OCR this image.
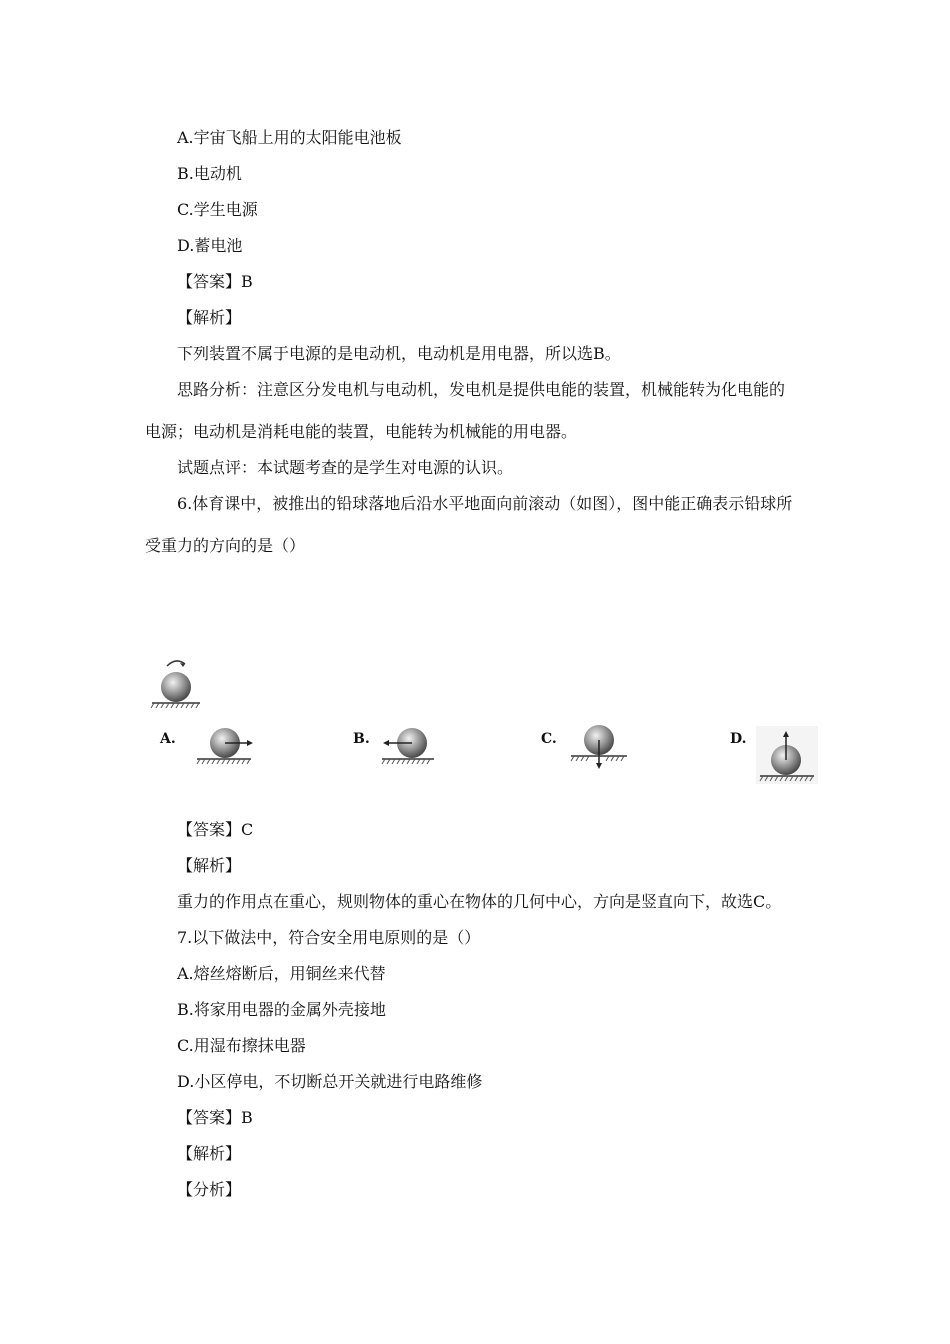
A.宇宙飞船上用的太阳能电池板
B.电动机
C.学生电源
D.蓄电池
【答案】B
【解析】
下列装置不属于电源的是电动机，电动机是用电器，所以选B。
思路分析：注意区分发电机与电动机，发电机是提供电能的装置，机械能转为化电能的
电源；电动机是消耗电能的装置，电能转为机械能的用电器。
试题点评：本试题考查的是学生对电源的认识。
6.体育课中，被推出的铅球落地后沿水平地面向前滚动（如图），图中能正确表示铅球所
受重力的方向的是（）
A.	B.	C.	D.
【答案】C
【解析】
重力的作用点在重心，规则物体的重心在物体的几何中心，方向是竖直向下，故选C。
7.以下做法中，符合安全用电原则的是（）
A.熔丝熔断后，用铜丝来代替
B.将家用电器的金属外壳接地
C.用湿布擦抹电器
D.小区停电，不切断总开关就进行电路维修
【答案】B
【解析】
【分析】
